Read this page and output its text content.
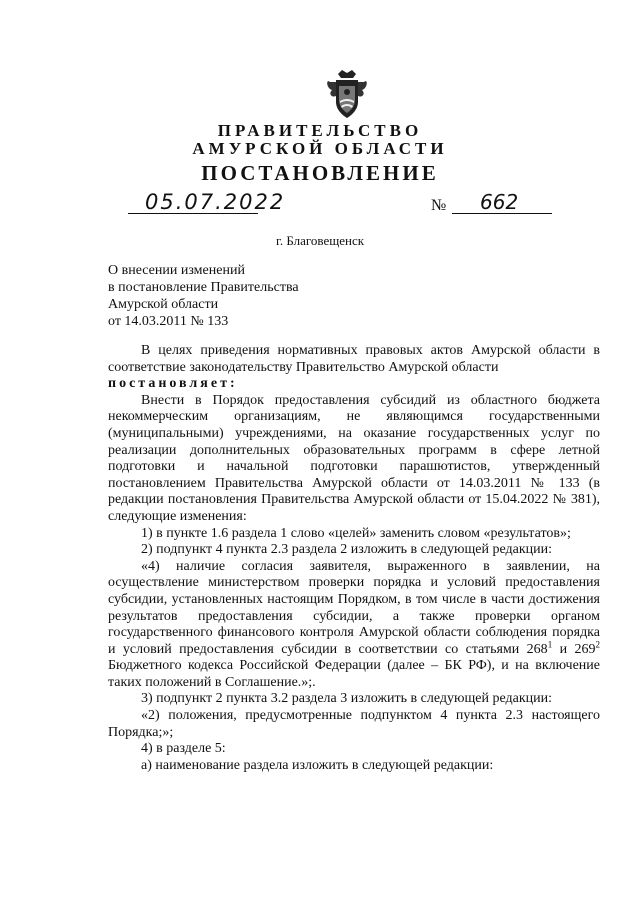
ПРАВИТЕЛЬСТВО
АМУРСКОЙ ОБЛАСТИ
ПОСТАНОВЛЕНИЕ
05.07.2022	№ 662
г. Благовещенск
О внесении изменений
в постановление Правительства
Амурской области
от 14.03.2011 № 133

В целях приведения нормативных правовых актов Амурской области в соответствие законодательству Правительство Амурской области

постановляет:

Внести в Порядок предоставления субсидий из областного бюджета некоммерческим организациям, не являющимся государственными (муниципальными) учреждениями, на оказание государственных услуг по реализации дополнительных образовательных программ в сфере летной подготовки и начальной подготовки парашютистов, утвержденный постановлением Правительства Амурской области от 14.03.2011 № 133 (в редакции постановления Правительства Амурской области от 15.04.2022 № 381), следующие изменения:

1) в пункте 1.6 раздела 1 слово «целей» заменить словом «результатов»;

2) подпункт 4 пункта 2.3 раздела 2 изложить в следующей редакции:

«4) наличие согласия заявителя, выраженного в заявлении, на осуществление министерством проверки порядка и условий предоставления субсидии, установленных настоящим Порядком, в том числе в части достижения результатов предоставления субсидии, а также проверки органом государственного финансового контроля Амурской области соблюдения порядка и условий предоставления субсидии в соответствии со статьями $268^1$ и $269^2$ Бюджетного кодекса Российской Федерации (далее – БК РФ), и на включение таких положений в Соглашение.»;.

3) подпункт 2 пункта 3.2 раздела 3 изложить в следующей редакции:

«2) положения, предусмотренные подпунктом 4 пункта 2.3 настоящего Порядка;»;

4) в разделе 5:

а) наименование раздела изложить в следующей редакции:
